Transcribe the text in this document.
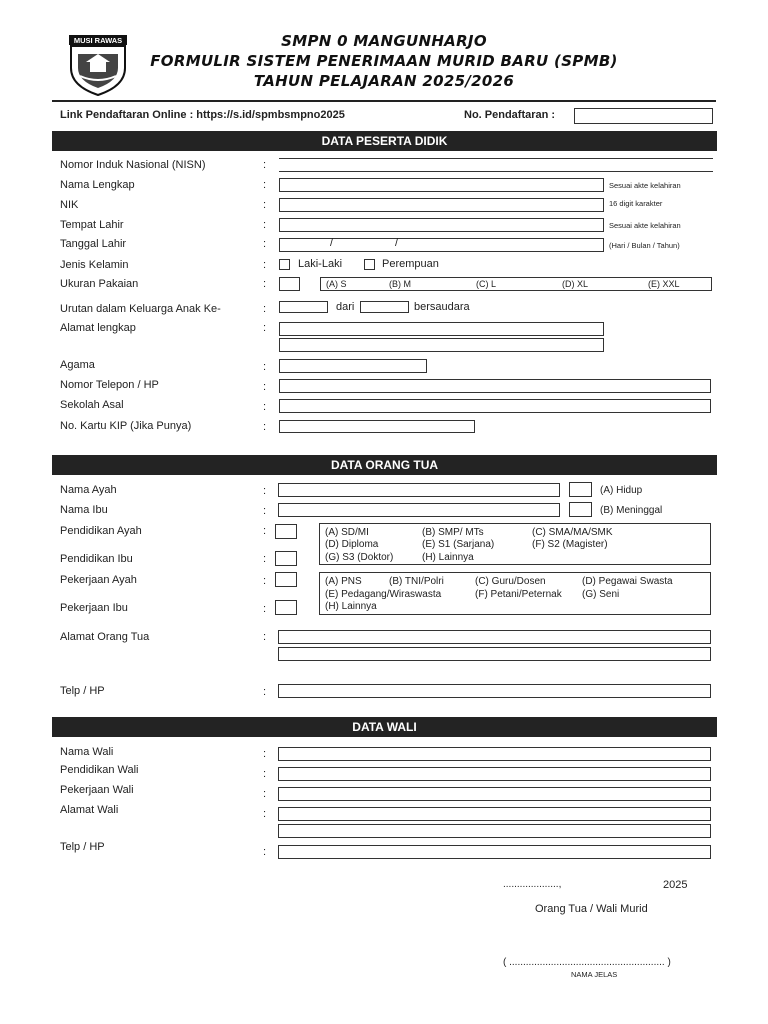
MUSI RAWAS	SMPN 0 MANGUNHARJO
FORMULIR SISTEM PENERIMAAN MURID BARU (SPMB)
TAHUN PELAJARAN 2025/2026
Link Pendaftaran Online : https://s.id/spmbsmpno2025	No. Pendaftaran :
DATA PESERTA DIDIK
Nomor Induk Nasional (NISN)	:
Nama Lengkap	:	Sesuai akte kelahiran
NIK	:	16 digit karakter
Tempat Lahir	:	Sesuai akte kelahiran
Tanggal Lahir	:	/	/	(Hari / Bulan / Tahun)
Jenis Kelamin	:	Laki-Laki	Perempuan
Ukuran Pakaian	:	(A) S	(B) M	(C) L	(D) XL	(E) XXL
Urutan dalam Keluarga Anak Ke-	:	dari	bersaudara
Alamat lengkap	:
Agama	:
Nomor Telepon / HP	:
Sekolah Asal	:
No. Kartu KIP (Jika Punya)	:
DATA ORANG TUA
Nama Ayah	:	(A) Hidup
Nama Ibu	:	(B) Meninggal
Pendidikan Ayah	:
Pendidikan Ibu	:
(A) SD/MI	(B) SMP/ MTs	(C) SMA/MA/SMK
(D) Diploma	(E) S1 (Sarjana)	(F) S2 (Magister)
(G) S3 (Doktor)	(H) Lainnya
Pekerjaan Ayah	:
Pekerjaan Ibu	:
(A) PNS	(B) TNI/Polri	(C) Guru/Dosen	(D) Pegawai Swasta
(E) Pedagang/Wiraswasta	(F) Petani/Peternak (G) Seni
(H) Lainnya
Alamat Orang Tua	:
Telp / HP	:
DATA WALI
Nama Wali	:
Pendidikan Wali	:
Pekerjaan Wali	:
Alamat Wali	:
Telp / HP	:
....................,	2025
Orang Tua / Wali Murid
( ........................................................ )
NAMA JELAS
